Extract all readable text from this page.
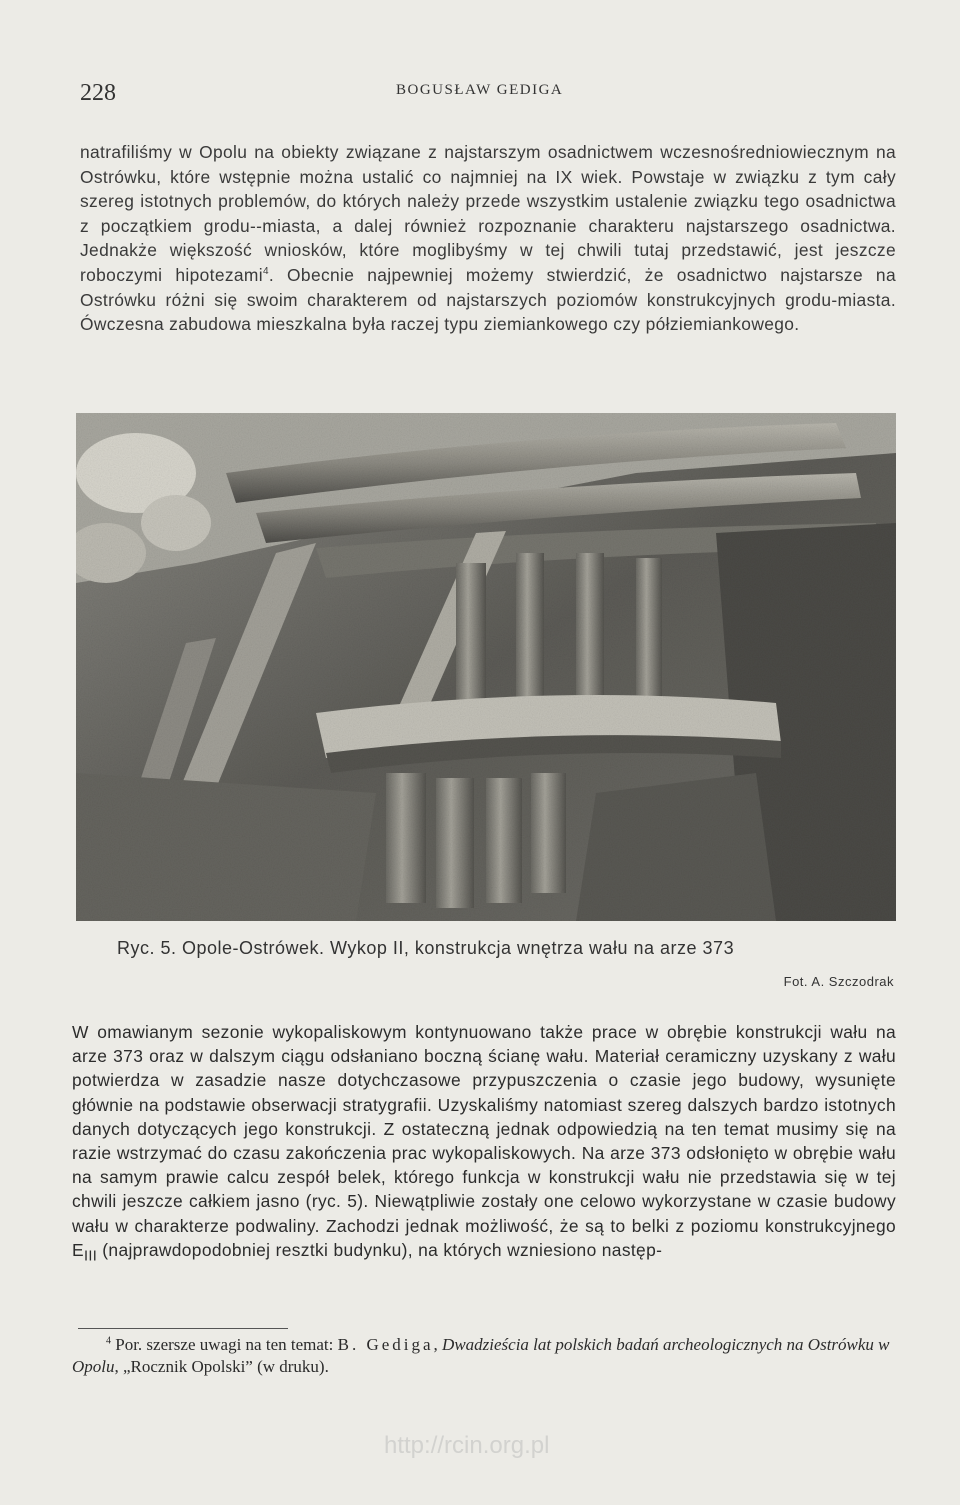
228	BOGUSŁAW GEDIGA
natrafiliśmy w Opolu na obiekty związane z najstarszym osadnictwem wczesnośredniowiecznym na Ostrówku, które wstępnie można ustalić co najmniej na IX wiek. Powstaje w związku z tym cały szereg istotnych problemów, do których należy przede wszystkim ustalenie związku tego osadnictwa z początkiem grodu--miasta, a dalej również rozpoznanie charakteru najstarszego osadnictwa. Jednakże większość wniosków, które moglibyśmy w tej chwili tutaj przedstawić, jest jeszcze roboczymi hipotezami$^4$. Obecnie najpewniej możemy stwierdzić, że osadnictwo najstarsze na Ostrówku różni się swoim charakterem od najstarszych poziomów konstrukcyjnych grodu-miasta. Ówczesna zabudowa mieszkalna była raczej typu ziemiankowego czy półziemiankowego.
Ryc. 5. Opole-Ostrówek. Wykop II, konstrukcja wnętrza wału na arze 373
Fot. A. Szczodrak
W omawianym sezonie wykopaliskowym kontynuowano także prace w obrębie konstrukcji wału na arze 373 oraz w dalszym ciągu odsłaniano boczną ścianę wału. Materiał ceramiczny uzyskany z wału potwierdza w zasadzie nasze dotychczasowe przypuszczenia o czasie jego budowy, wysunięte głównie na podstawie obserwacji stratygrafii. Uzyskaliśmy natomiast szereg dalszych bardzo istotnych danych dotyczących jego konstrukcji. Z ostateczną jednak odpowiedzią na ten temat musimy się na razie wstrzymać do czasu zakończenia prac wykopaliskowych. Na arze 373 odsłonięto w obrębie wału na samym prawie calcu zespół belek, którego funkcja w konstrukcji wału nie przedstawia się w tej chwili jeszcze całkiem jasno (ryc. 5). Niewątpliwie zostały one celowo wykorzystane w czasie budowy wału w charakterze podwaliny. Zachodzi jednak możliwość, że są to belki z poziomu konstrukcyjnego $E_{III}$ (najprawdopodobniej resztki budynku), na których wzniesiono następ-
$^4$ Por. szersze uwagi na ten temat: B. Gediga, Dwadzieścia lat polskich badań archeologicznych na Ostrówku w Opolu, „Rocznik Opolski” (w druku).
http://rcin.org.pl
